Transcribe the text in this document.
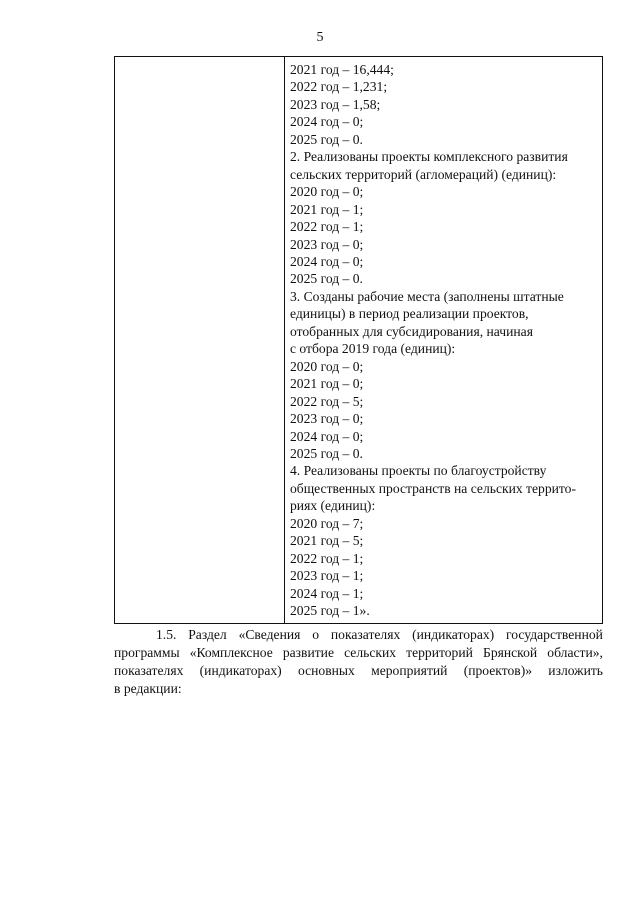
5

2021 год – 16,444;
2022 год – 1,231;
2023 год – 1,58;
2024 год – 0;
2025 год – 0.
2. Реализованы проекты комплексного развития
сельских территорий (агломераций) (единиц):
2020 год – 0;
2021 год – 1;
2022 год – 1;
2023 год – 0;
2024 год – 0;
2025 год – 0.
3. Созданы рабочие места (заполнены штатные
единицы) в период реализации проектов,
отобранных для субсидирования, начиная
с отбора 2019 года (единиц):
2020 год – 0;
2021 год – 0;
2022 год – 5;
2023 год – 0;
2024 год – 0;
2025 год – 0.
4. Реализованы проекты по благоустройству
общественных пространств на сельских террито-
риях (единиц):
2020 год – 7;
2021 год – 5;
2022 год – 1;
2023 год – 1;
2024 год – 1;
2025 год – 1».
1.5. Раздел «Сведения о показателях (индикаторах) государственной
программы «Комплексное развитие сельских территорий Брянской области»,
показателях (индикаторах) основных мероприятий (проектов)» изложить
в редакции:
